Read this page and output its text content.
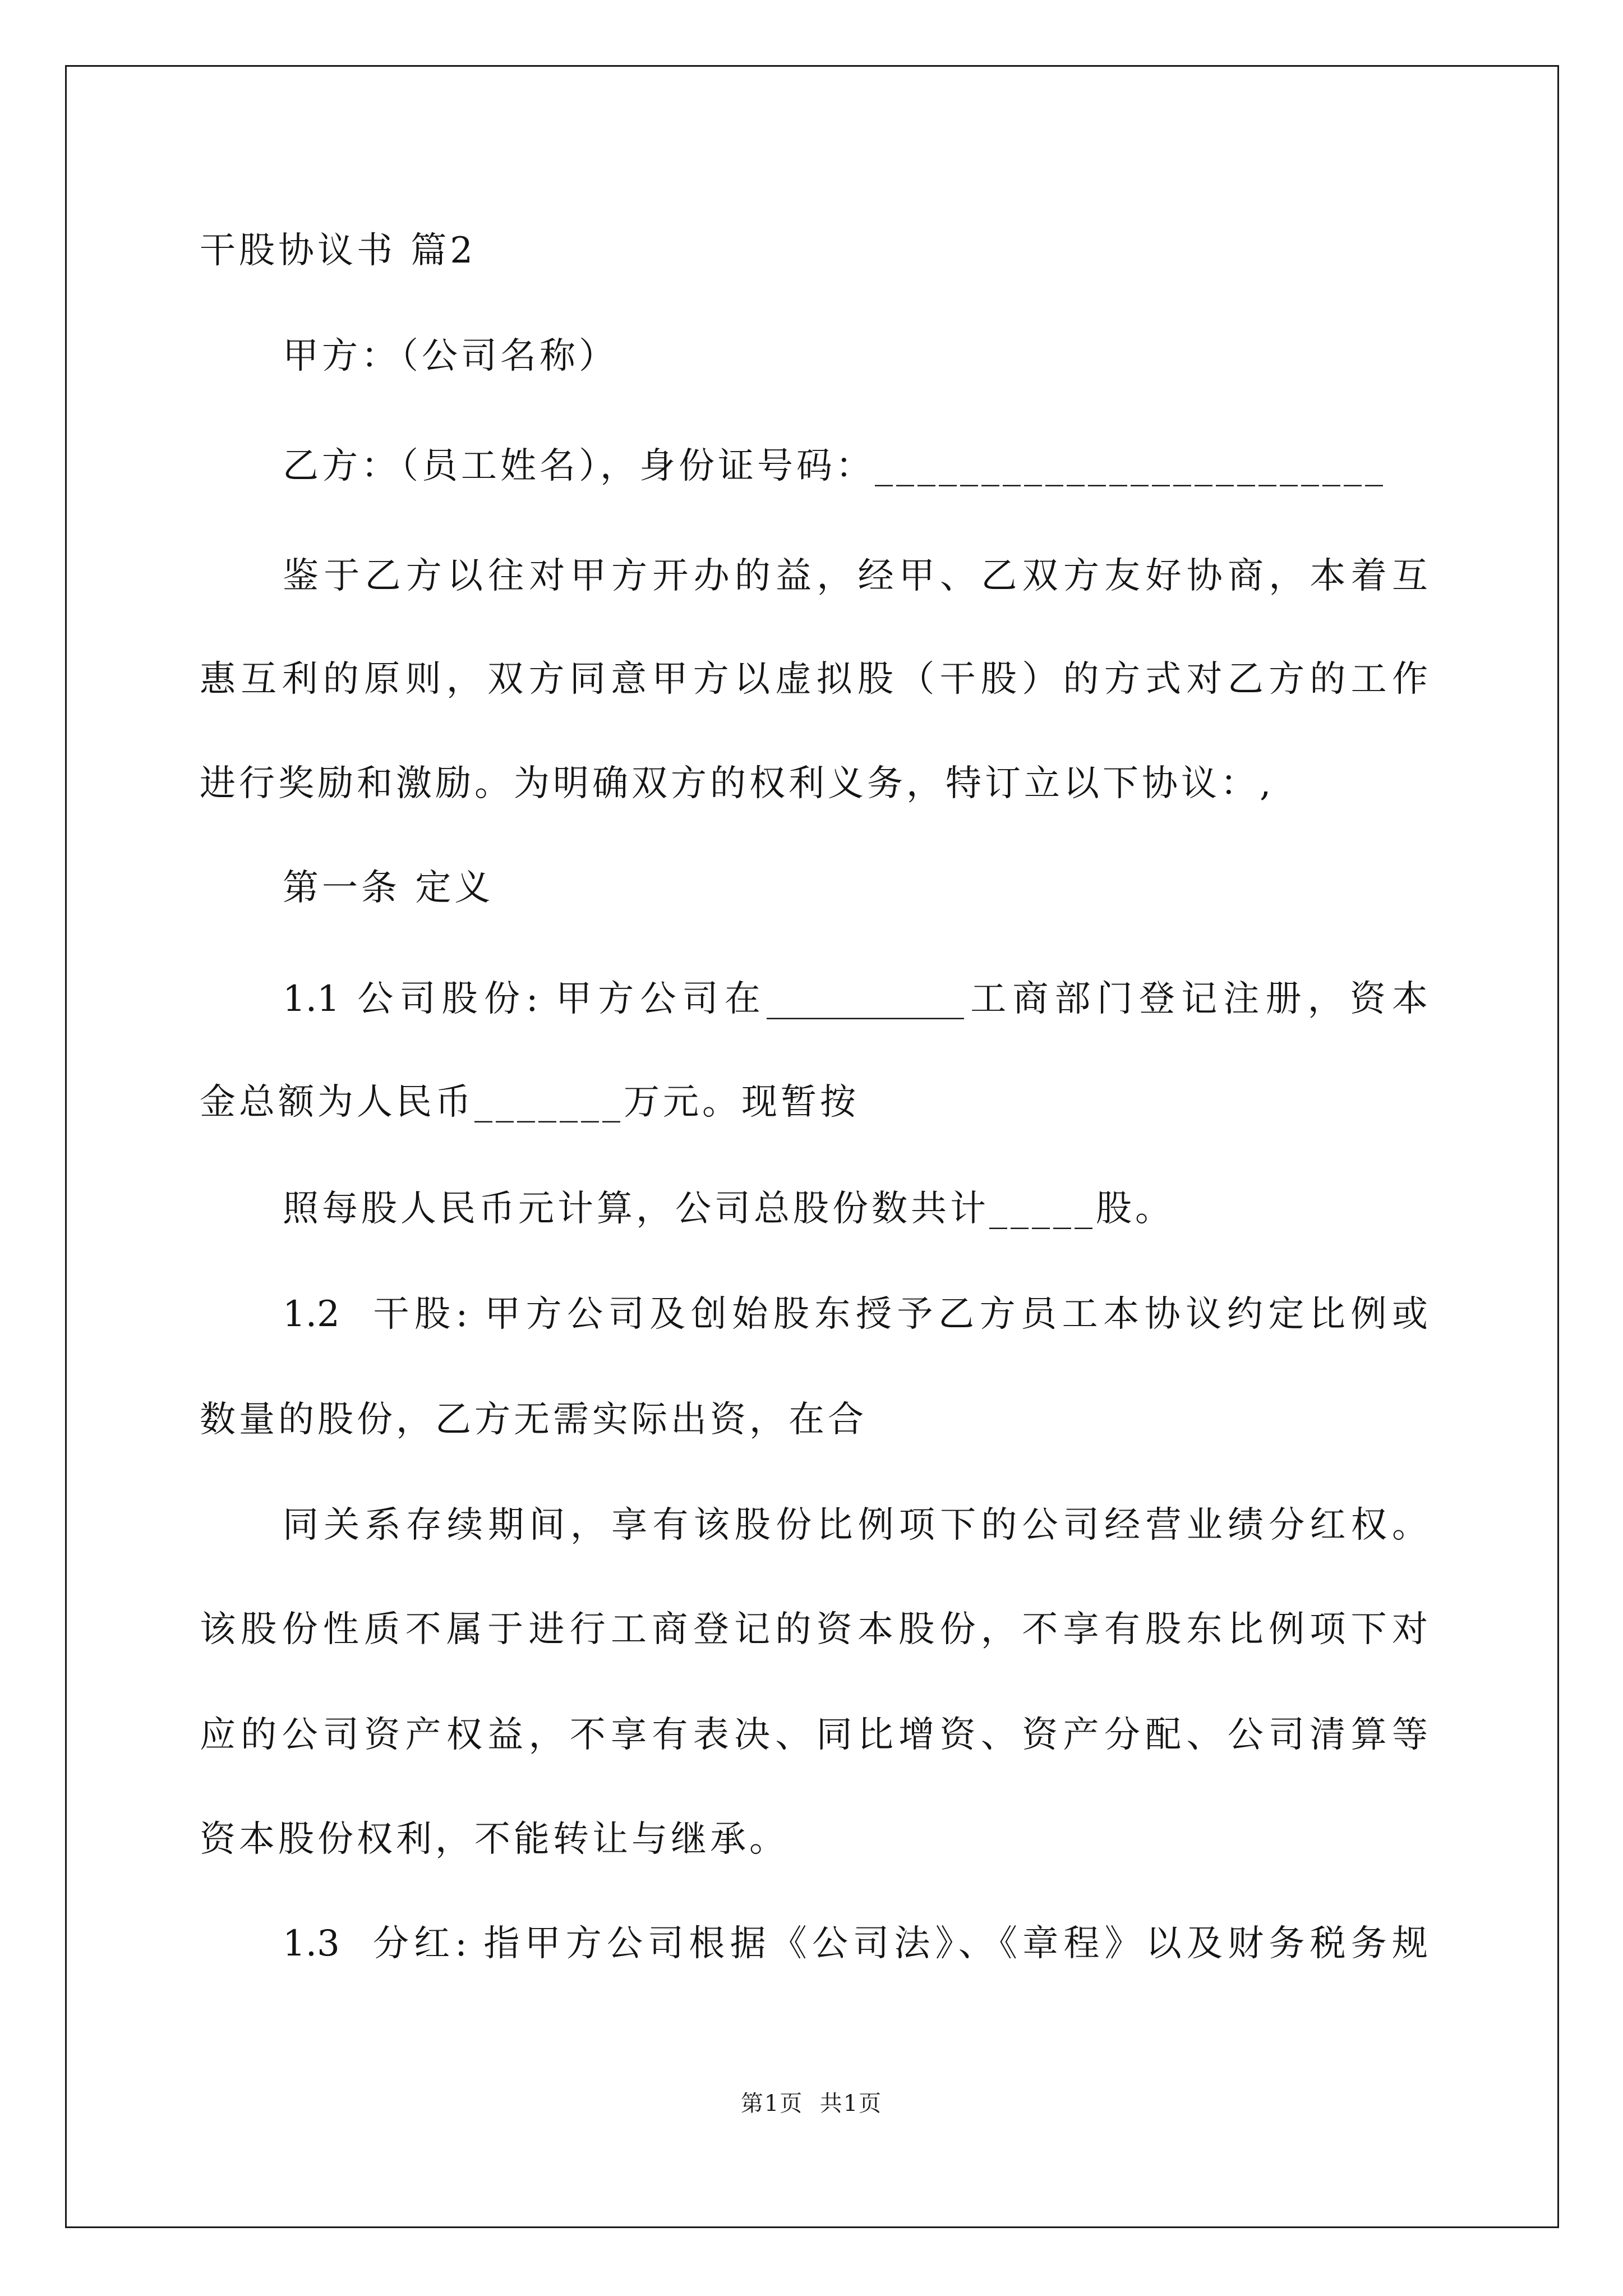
干股协议书 篇2
甲方：（公司名称）
乙方：（员工姓名），身份证号码：________________________
鉴于乙方以往对甲方开办的益，经甲、乙双方友好协商，本着互
惠互利的原则，双方同意甲方以虚拟股（干股）的方式对乙方的工作
进行奖励和激励。为明确双方的权利义务，特订立以下协议：,
第一条 定义
1.1 公司股份: 甲方公司在___________工商部门登记注册，资本
金总额为人民币_______万元。现暂按
照每股人民币元计算，公司总股份数共计_____股。
1.2  干股: 甲方公司及创始股东授予乙方员工本协议约定比例或
数量的股份，乙方无需实际出资，在合
同关系存续期间，享有该股份比例项下的公司经营业绩分红权。
该股份性质不属于进行工商登记的资本股份，不享有股东比例项下对
应的公司资产权益，不享有表决、同比增资、资产分配、公司清算等
资本股份权利，不能转让与继承。
1.3  分红: 指甲方公司根据《公司法》、《章程》以及财务税务规
第1页  共1页
